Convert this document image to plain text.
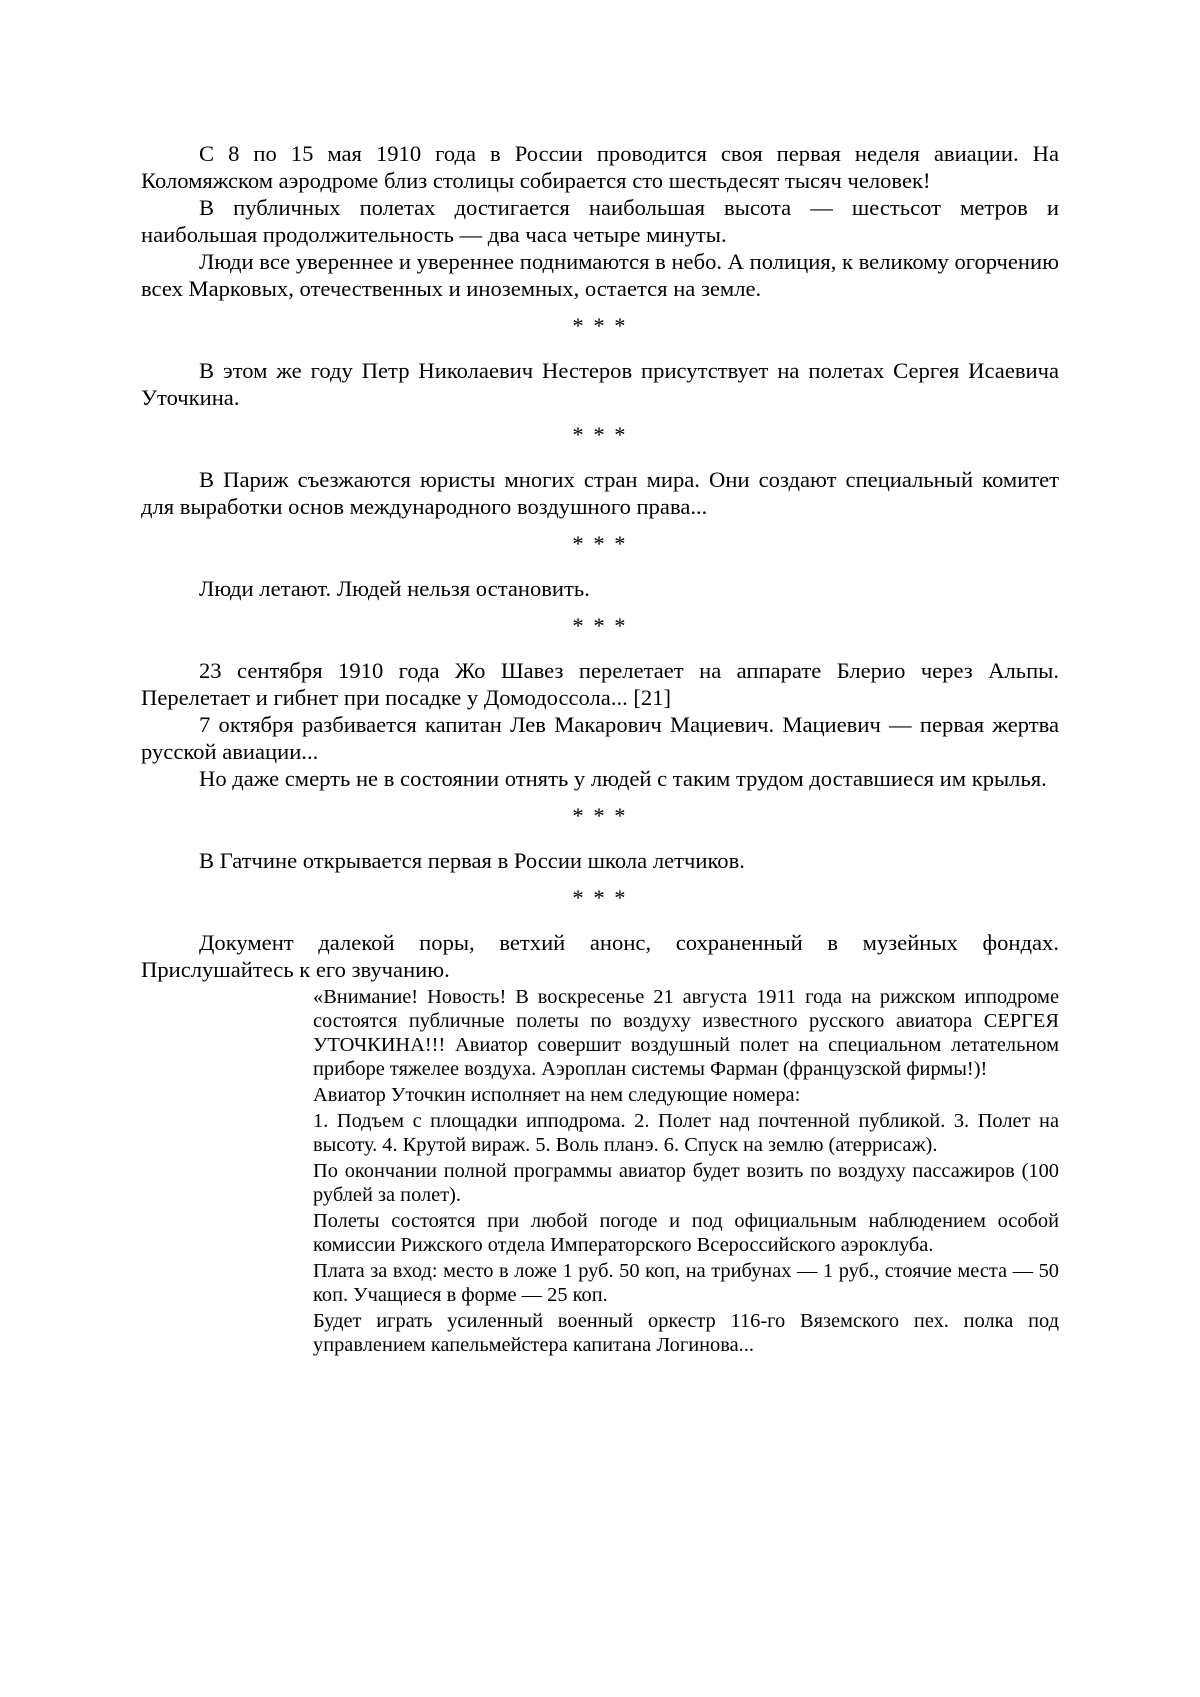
С 8 по 15 мая 1910 года в России проводится своя первая неделя авиации. На Коломяжском аэродроме близ столицы собирается сто шестьдесят тысяч человек!

В публичных полетах достигается наибольшая высота — шестьсот метров и наибольшая продолжительность — два часа четыре минуты.

Люди все увереннее и увереннее поднимаются в небо. А полиция, к великому огорчению всех Марковых, отечественных и иноземных, остается на земле.

* * *

В этом же году Петр Николаевич Нестеров присутствует на полетах Сергея Исаевича Уточкина.

* * *

В Париж съезжаются юристы многих стран мира. Они создают специальный комитет для выработки основ международного воздушного права...

* * *

Люди летают. Людей нельзя остановить.

* * *

23 сентября 1910 года Жо Шавез перелетает на аппарате Блерио через Альпы. Перелетает и гибнет при посадке у Домодоссола... [21]

7 октября разбивается капитан Лев Макарович Мациевич. Мациевич — первая жертва русской авиации...

Но даже смерть не в состоянии отнять у людей с таким трудом доставшиеся им крылья.

* * *

В Гатчине открывается первая в России школа летчиков.

* * *

Документ далекой поры, ветхий анонс, сохраненный в музейных фондах. Прислушайтесь к его звучанию.

«Внимание! Новость! В воскресенье 21 августа 1911 года на рижском ипподроме состоятся публичные полеты по воздуху известного русского авиатора СЕРГЕЯ УТОЧКИНА!!! Авиатор совершит воздушный полет на специальном летательном приборе тяжелее воздуха. Аэроплан системы Фарман (французской фирмы!)!

Авиатор Уточкин исполняет на нем следующие номера:

1. Подъем с площадки ипподрома. 2. Полет над почтенной публикой. 3. Полет на высоту. 4. Крутой вираж. 5. Воль планэ. 6. Спуск на землю (атеррисаж).

По окончании полной программы авиатор будет возить по воздуху пассажиров (100 рублей за полет).

Полеты состоятся при любой погоде и под официальным наблюдением особой комиссии Рижского отдела Императорского Всероссийского аэроклуба.

Плата за вход: место в ложе 1 руб. 50 коп, на трибунах — 1 руб., стоячие места — 50 коп. Учащиеся в форме — 25 коп.

Будет играть усиленный военный оркестр 116-го Вяземского пех. полка под управлением капельмейстера капитана Логинова...
